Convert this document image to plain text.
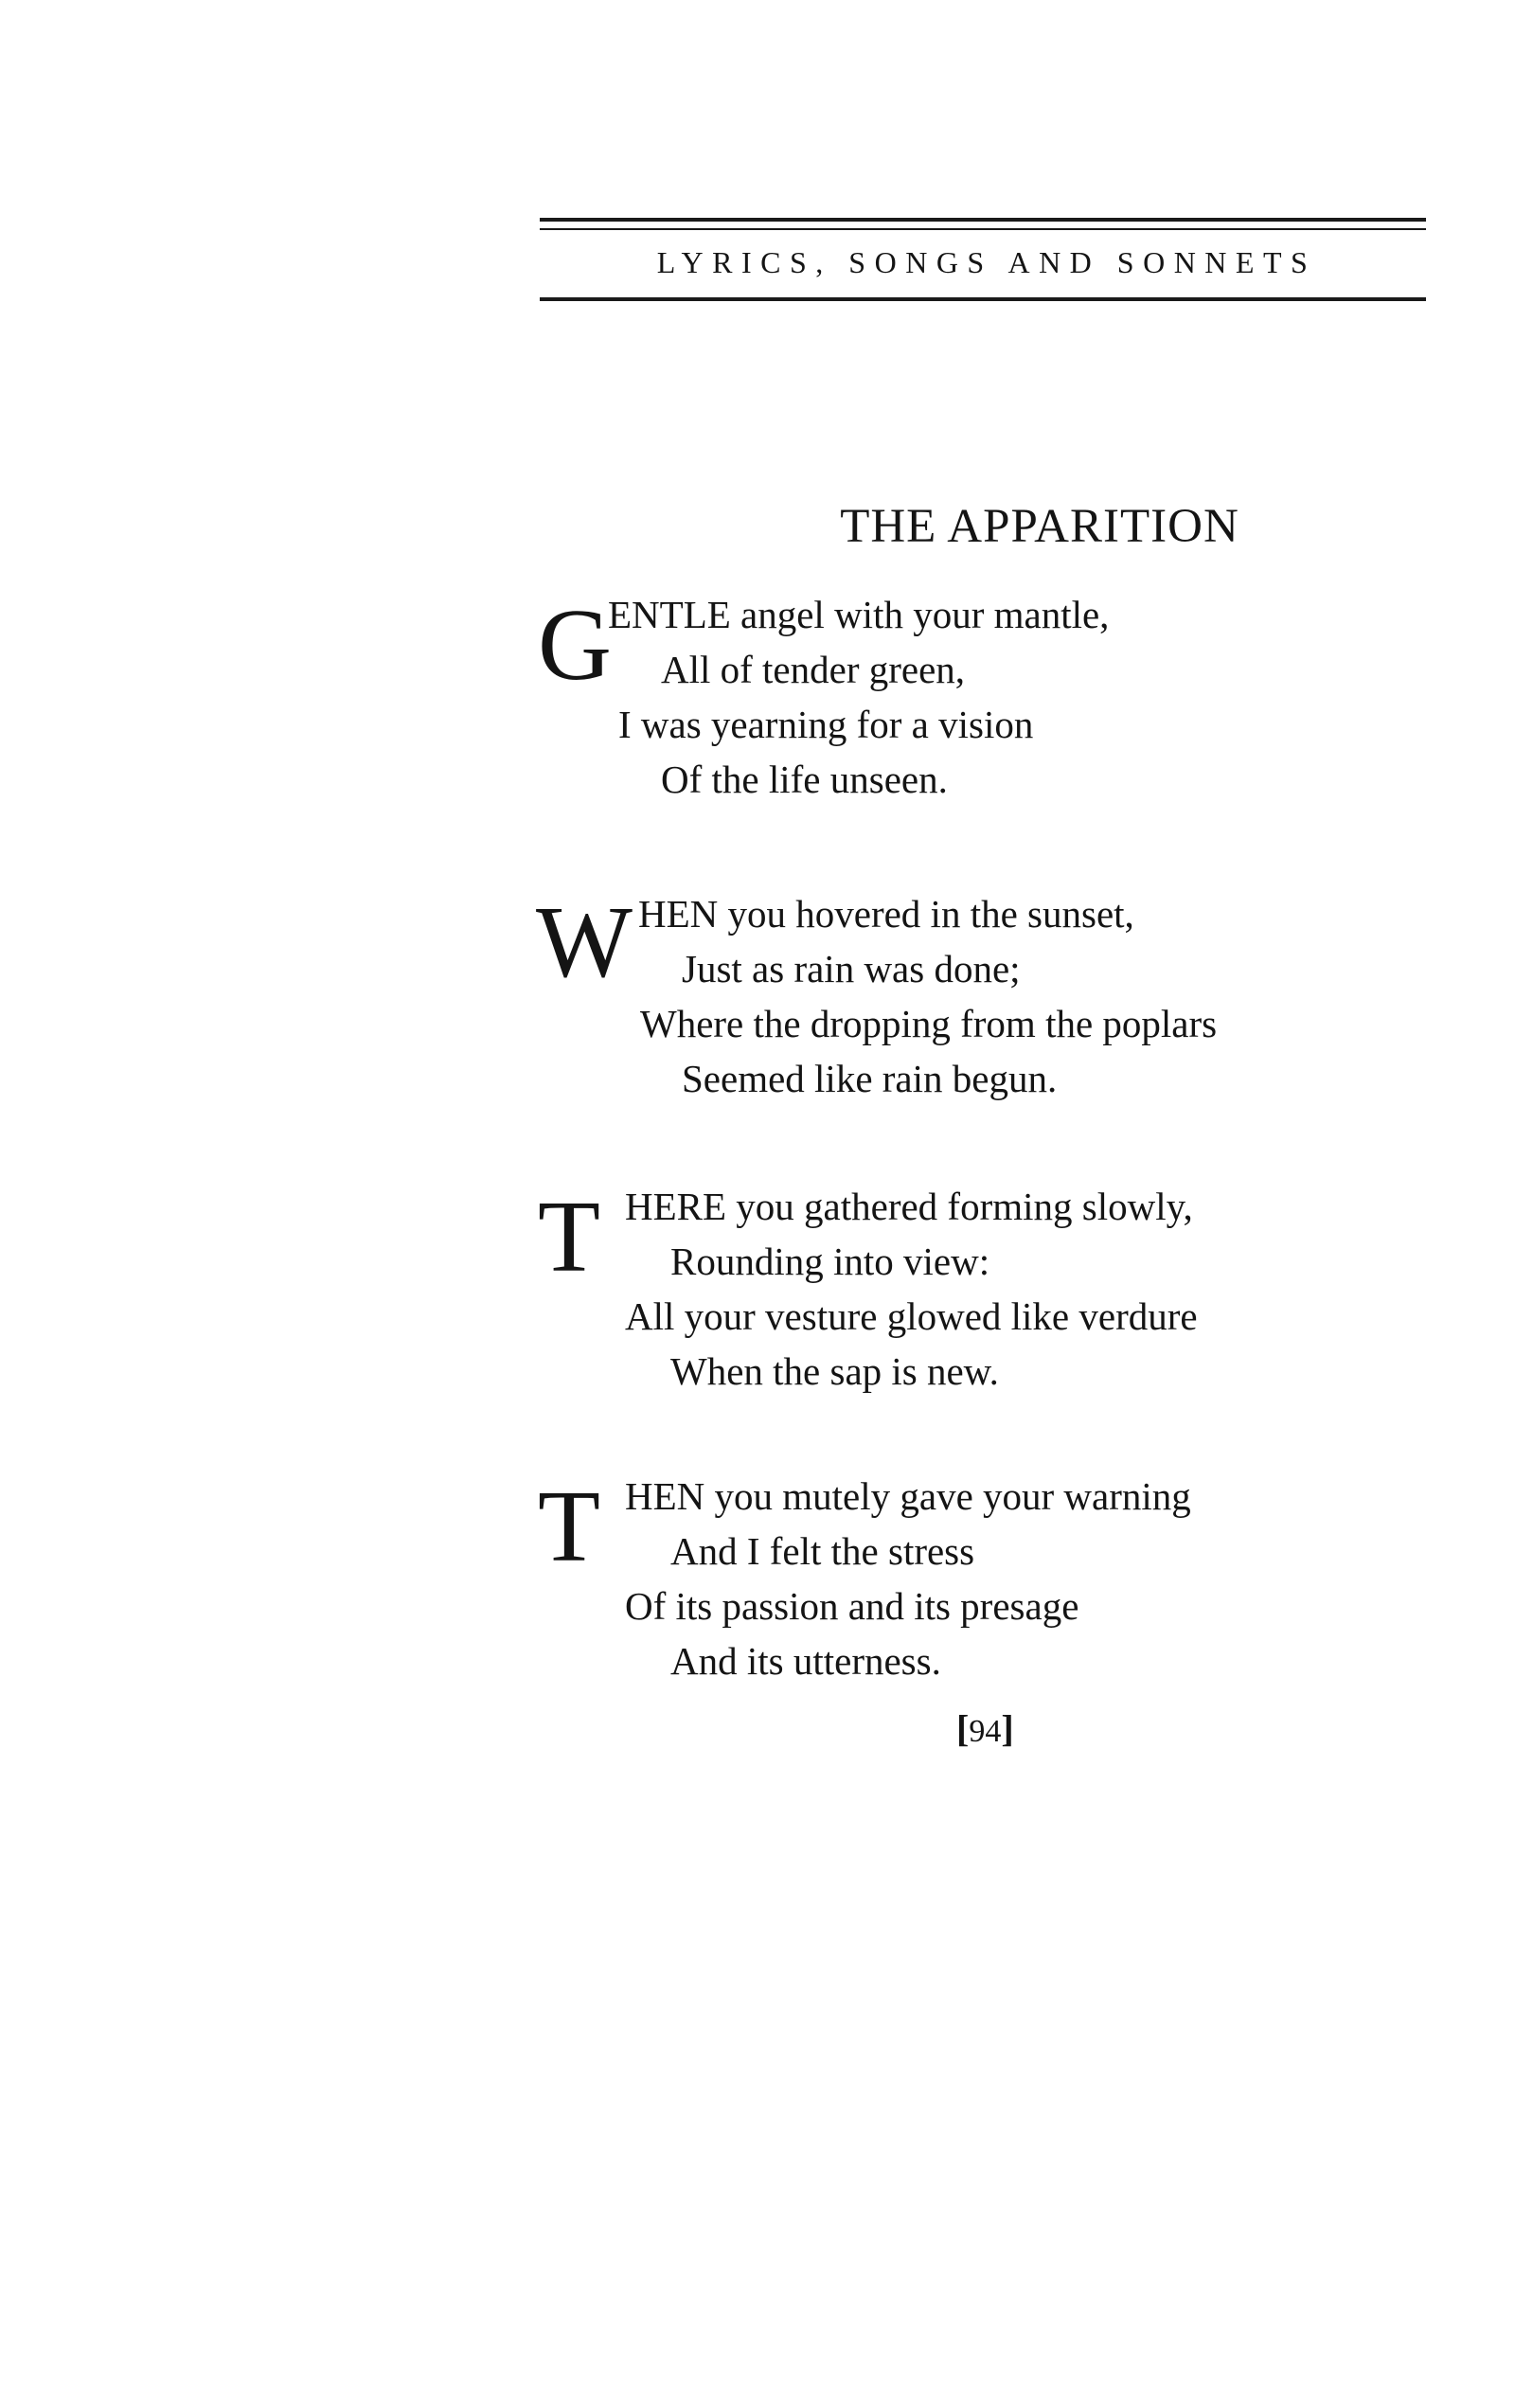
LYRICS, SONGS AND SONNETS
THE APPARITION
G
ENTLE angel with your mantle,
All of tender green,
I was yearning for a vision
Of the life unseen.
W HEN you hovered in the sunset,
Just as rain was done;
Where the dropping from the poplars
Seemed like rain begun.
T HERE you gathered forming slowly,
Rounding into view:
All your vesture glowed like verdure
When the sap is new.
T HEN you mutely gave your warning
And I felt the stress
Of its passion and its presage
And its utterness.
[94]
